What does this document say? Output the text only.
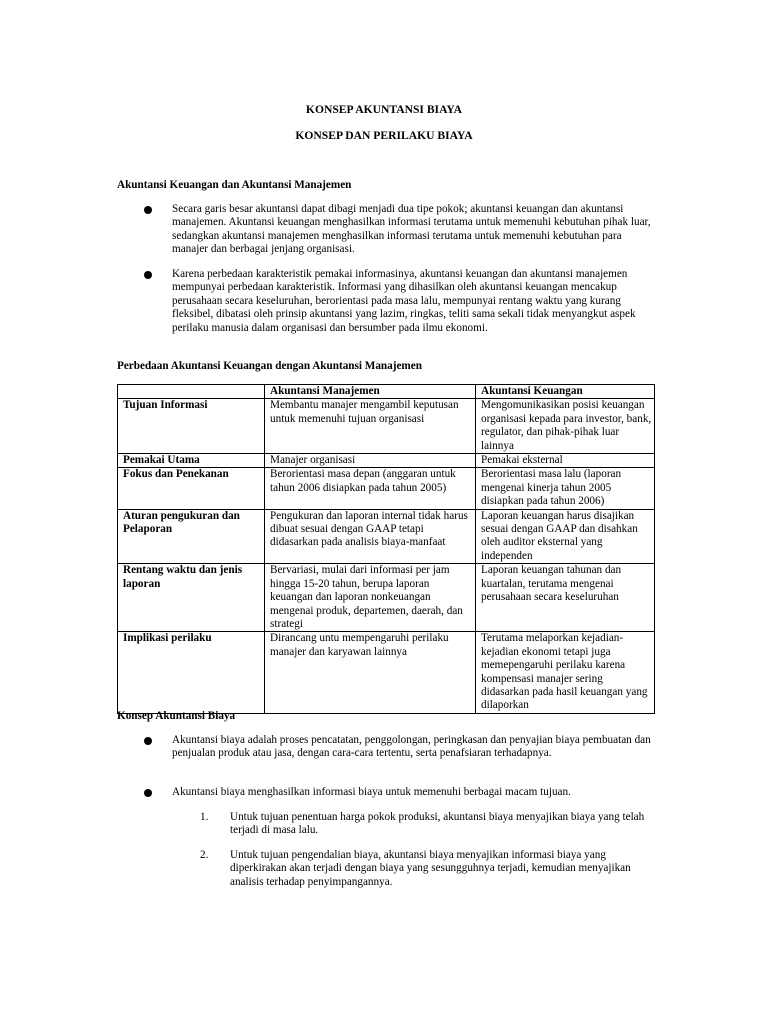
KONSEP AKUNTANSI BIAYA
KONSEP DAN PERILAKU BIAYA
Akuntansi Keuangan dan Akuntansi Manajemen
Secara garis besar akuntansi dapat dibagi menjadi dua tipe pokok; akuntansi keuangan dan akuntansi manajemen. Akuntansi keuangan menghasilkan informasi terutama untuk memenuhi kebutuhan pihak luar, sedangkan akuntansi manajemen menghasilkan informasi terutama untuk memenuhi kebutuhan para manajer dan berbagai jenjang organisasi.
Karena perbedaan karakteristik pemakai informasinya, akuntansi keuangan dan akuntansi manajemen mempunyai perbedaan karakteristik. Informasi yang dihasilkan oleh akuntansi keuangan mencakup perusahaan secara keseluruhan, berorientasi pada masa lalu, mempunyai rentang waktu yang kurang fleksibel, dibatasi oleh prinsip akuntansi yang lazim, ringkas, teliti sama sekali tidak menyangkut aspek perilaku manusia dalam organisasi dan bersumber pada ilmu ekonomi.
Perbedaan Akuntansi Keuangan dengan Akuntansi Manajemen
	Akuntansi Manajemen	Akuntansi Keuangan
Tujuan Informasi	Membantu manajer mengambil keputusan untuk memenuhi tujuan organisasi	Mengomunikasikan posisi keuangan organisasi kepada para investor, bank, regulator, dan pihak-pihak luar lainnya
Pemakai Utama	Manajer organisasi	Pemakai eksternal
Fokus dan Penekanan	Berorientasi masa depan (anggaran untuk tahun 2006 disiapkan pada tahun 2005)	Berorientasi masa lalu (laporan mengenai kinerja tahun 2005 disiapkan pada tahun 2006)
Aturan pengukuran dan Pelaporan	Pengukuran dan laporan internal tidak harus dibuat sesuai dengan GAAP tetapi didasarkan pada analisis biaya-manfaat	Laporan keuangan harus disajikan sesuai dengan GAAP dan disahkan oleh auditor eksternal yang independen
Rentang waktu dan jenis laporan	Bervariasi, mulai dari informasi per jam hingga 15-20 tahun, berupa laporan keuangan dan laporan nonkeuangan mengenai produk, departemen, daerah, dan strategi	Laporan keuangan tahunan dan kuartalan, terutama mengenai perusahaan secara keseluruhan
Implikasi perilaku	Dirancang untu mempengaruhi perilaku manajer dan karyawan lainnya	Terutama melaporkan kejadian-kejadian ekonomi tetapi juga memepengaruhi perilaku karena kompensasi manajer sering didasarkan pada hasil keuangan yang dilaporkan
Konsep Akuntansi Biaya
Akuntansi biaya adalah proses pencatatan, penggolongan, peringkasan dan penyajian biaya pembuatan dan penjualan produk atau jasa, dengan cara-cara tertentu, serta penafsiaran terhadapnya.
Akuntansi biaya menghasilkan informasi biaya untuk memenuhi berbagai macam tujuan.
1. Untuk tujuan penentuan harga pokok produksi, akuntansi biaya menyajikan biaya yang telah terjadi di masa lalu.
2. Untuk tujuan pengendalian biaya, akuntansi biaya menyajikan informasi biaya yang diperkirakan akan terjadi dengan biaya yang sesungguhnya terjadi, kemudian menyajikan analisis terhadap penyimpangannya.
